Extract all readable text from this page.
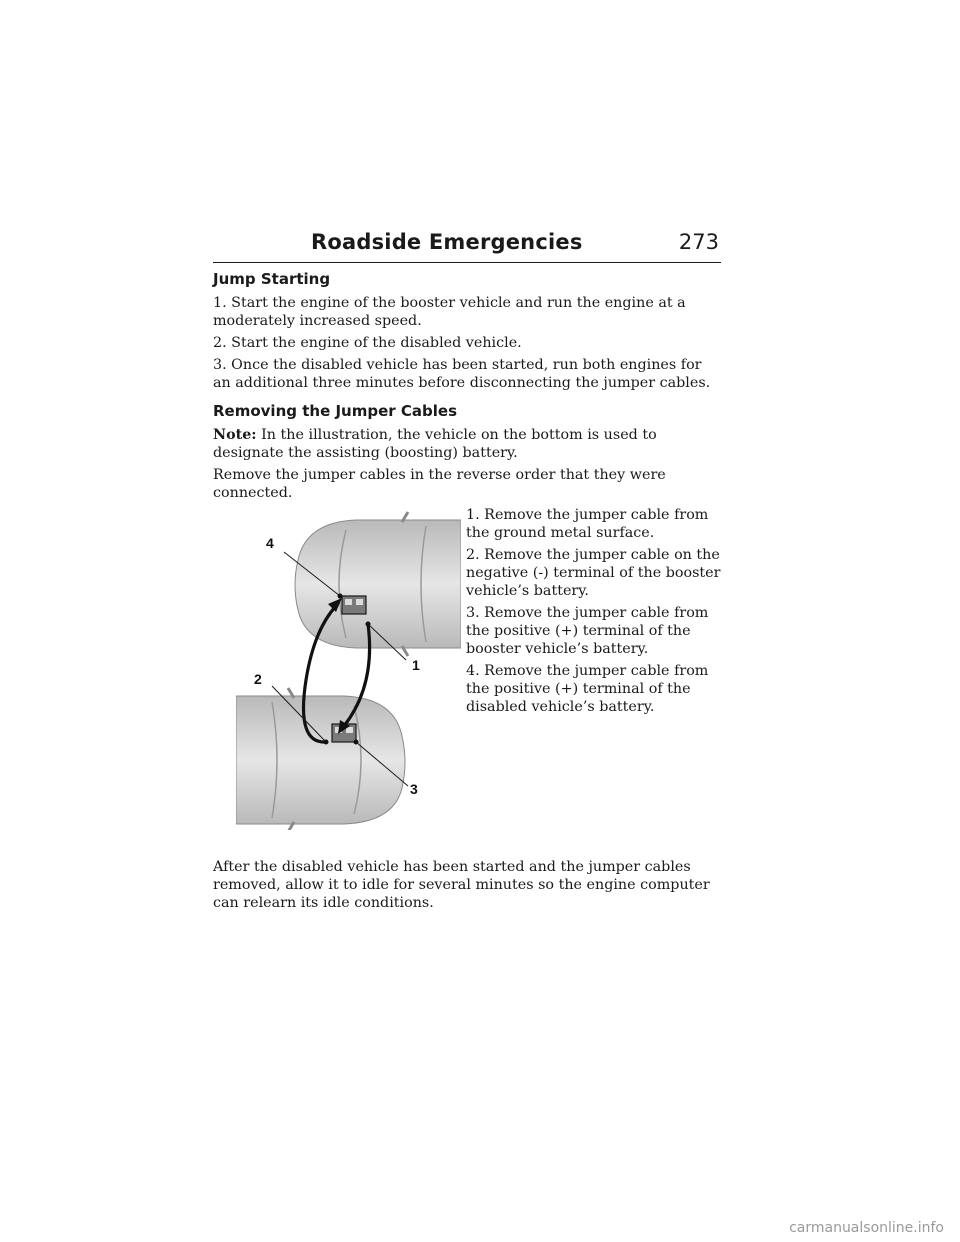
Roadside Emergencies	273
Jump Starting
1. Start the engine of the booster vehicle and run the engine at a moderately increased speed.
2. Start the engine of the disabled vehicle.
3. Once the disabled vehicle has been started, run both engines for an additional three minutes before disconnecting the jumper cables.
Removing the Jumper Cables
Note: In the illustration, the vehicle on the bottom is used to designate the assisting (boosting) battery.
Remove the jumper cables in the reverse order that they were connected.
1. Remove the jumper cable from the ground metal surface.
2. Remove the jumper cable on the negative (-) terminal of the booster vehicle’s battery.
3. Remove the jumper cable from the positive (+) terminal of the booster vehicle’s battery.
4. Remove the jumper cable from the positive (+) terminal of the disabled vehicle’s battery.
4
1
2
3
After the disabled vehicle has been started and the jumper cables removed, allow it to idle for several minutes so the engine computer can relearn its idle conditions.
carmanualsonline.info
